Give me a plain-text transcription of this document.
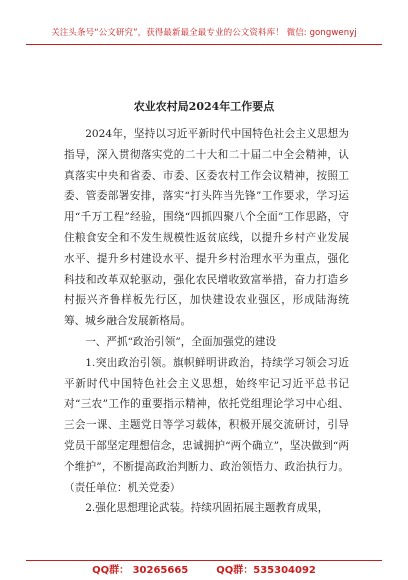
关注头条号“公文研究”，获得最新最全最专业的公文资料库！ 微信: gongwenyj
农业农村局2024年工作要点

2024年，坚持以习近平新时代中国特色社会主义思想为指导，深入贯彻落实党的二十大和二十届二中全会精神，认真落实中央和省委、市委、区委农村工作会议精神，按照工委、管委部署安排，落实“打头阵当先锋”工作要求，学习运用“千万工程”经验，围绕“四抓四聚八个全面”工作思路，守住粮食安全和不发生规模性返贫底线，以提升乡村产业发展水平、提升乡村建设水平、提升乡村治理水平为重点，强化科技和改革双轮驱动，强化农民增收致富举措，奋力打造乡村振兴齐鲁样板先行区，加快建设农业强区，形成陆海统筹、城乡融合发展新格局。

一、严抓“政治引领”，全面加强党的建设

1.突出政治引领。旗帜鲜明讲政治，持续学习领会习近平新时代中国特色社会主义思想，始终牢记习近平总书记对“三农”工作的重要指示精神，依托党组理论学习中心组、三会一课、主题党日等学习载体，积极开展交流研讨，引导党员干部坚定理想信念，忠诚拥护“两个确立”，坚决做到“两个维护”，不断提高政治判断力、政治领悟力、政治执行力。（责任单位：机关党委）

2.强化思想理论武装。持续巩固拓展主题教育成果，

QQ群： 30265665	QQ群：535304092
